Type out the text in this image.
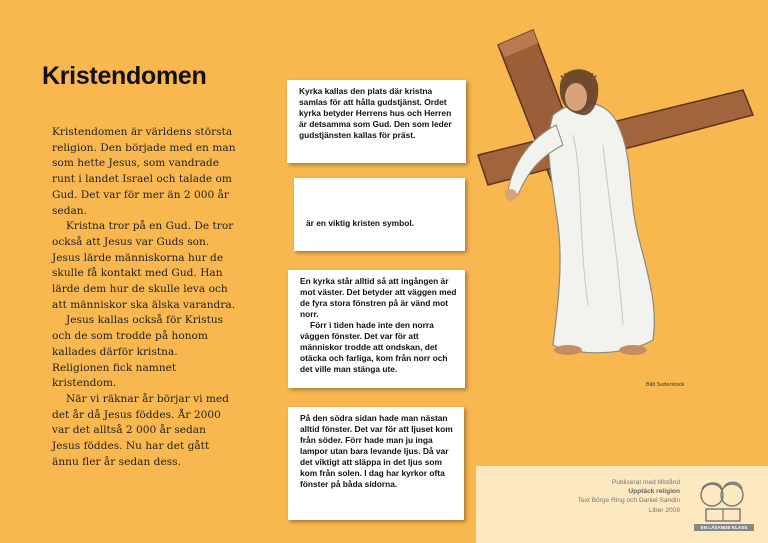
Kristendomen

Kristendomen är världens största religion. Den började med en man som hette Jesus, som vandrade runt i landet Israel och talade om Gud. Det var för mer än 2 000 år sedan.

Kristna tror på en Gud. De tror också att Jesus var Guds son. Jesus lärde människorna hur de skulle få kontakt med Gud. Han lärde dem hur de skulle leva och att människor ska älska varandra.

Jesus kallas också för Kristus och de som trodde på honom kallades därför kristna. Religionen fick namnet kristendom.

När vi räknar år börjar vi med det år då Jesus föddes. År 2000 var det alltså 2 000 år sedan Jesus föddes. Nu har det gått ännu fler år sedan dess.

Kyrka kallas den plats där kristna samlas för att hålla gudstjänst. Ordet kyrka betyder Herrens hus och Herren är detsamma som Gud. Den som leder gudstjänsten kallas för präst.

är en viktig kristen symbol.

En kyrka står alltid så att ingången är mot väster. Det betyder att väggen med de fyra stora fönstren på är vänd mot norr.

Förr i tiden hade inte den norra väggen fönster. Det var för att människor trodde att ondskan, det otäcka och farliga, kom från norr och det ville man stänga ute.

På den södra sidan hade man nästan alltid fönster. Det var för att ljuset kom från söder. Förr hade man ju inga lampor utan bara levande ljus. Då var det viktigt att släppa in det ljus som kom från solen. I dag har kyrkor ofta fönster på båda sidorna.

Bild Sutterstock
Publicerat med tillstånd
Upptäck religion
Text Börge Ring och Daniel Sandin
Liber 2008
EN LÄSANDE KLASS
